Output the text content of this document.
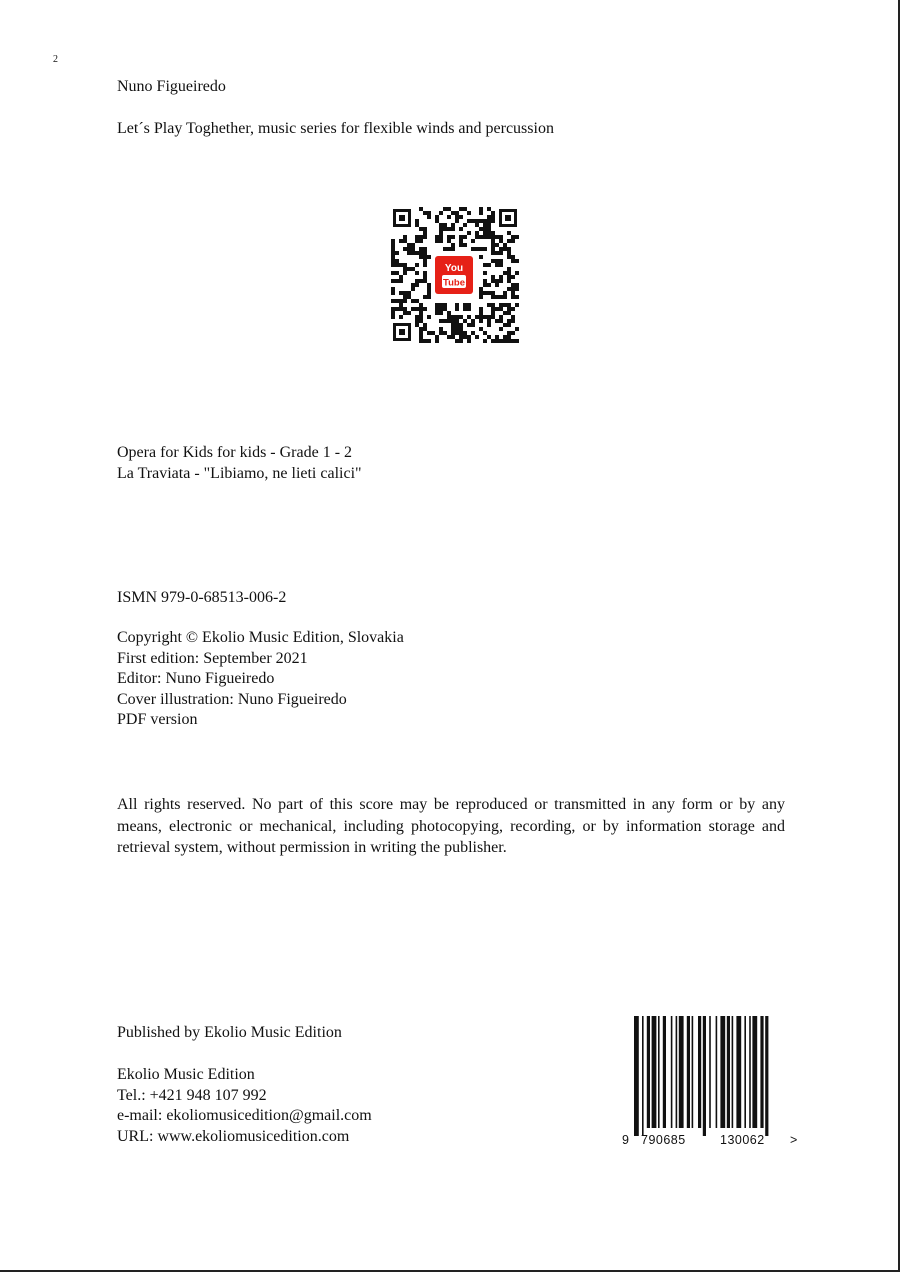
2
Nuno Figueiredo
Let´s Play Toghether, music series for flexible winds and percussion
You
Tube
Opera for Kids for kids - Grade 1 - 2
La Traviata - "Libiamo, ne lieti calici"
ISMN 979-0-68513-006-2
Copyright © Ekolio Music Edition, Slovakia
First edition: September 2021
Editor: Nuno Figueiredo
Cover illustration: Nuno Figueiredo
PDF version
All rights reserved. No part of this score may be reproduced or transmitted in any form or by any means, electronic or mechanical, including photocopying, recording, or by information storage and retrieval system, without permission in writing the publisher.
Published by Ekolio Music Edition
Ekolio Music Edition
Tel.: +421 948 107 992
e-mail: ekoliomusicedition@gmail.com
URL: www.ekoliomusicedition.com	9 790685	130062 >
